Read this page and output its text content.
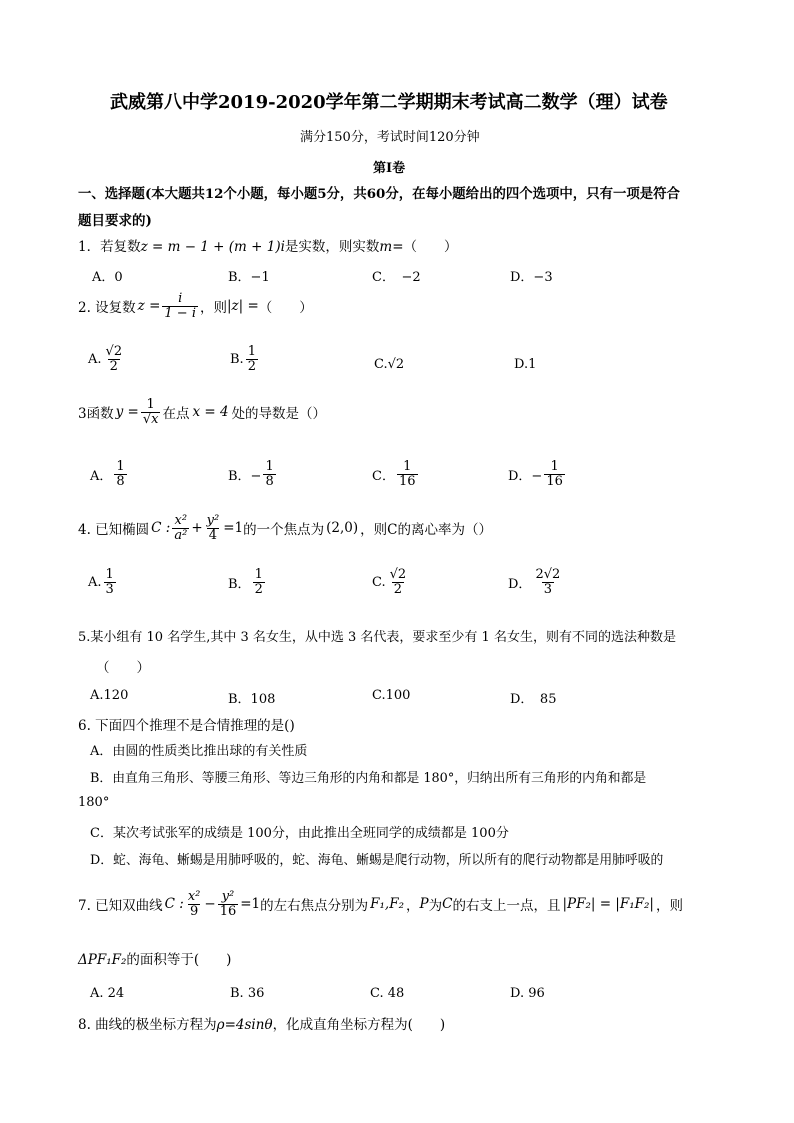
武威第八中学2019-2020学年第二学期期末考试高二数学（理）试卷
满分150分，考试时间120分钟
第Ⅰ卷
一、选择题(本大题共12个小题，每小题5分，共60分，在每小题给出的四个选项中，只有一项是符合
题目要求的)
1．若复数z = m − 1 + (m + 1)i是实数，则实数m=（　　）
A．0	B．−1	C．　−2	D．−3
2. 设复数 $z = \frac{i}{1 - i}$ ，则 |z| = （　　）
A. $\frac{√2}{2}$	B. $\frac{1}{2}$	C.√2	D.1
3函数 $y = \frac{1}{√x}$ 在点 x = 4 处的导数是（）
A． $\frac{1}{8}$	B．− $\frac{1}{8}$	C． $\frac{1}{16}$	D．− $\frac{1}{16}$
4. 已知椭圆 C : $\frac{\text{x²}}{\text{a²}} + \frac{\text{y²}}{4} =1$ 的一个焦点为 (2,0) ，则C的离心率为（）
A. $\frac{1}{3}$	B． $\frac{1}{2}$	C. $\frac{√2}{2}$	D． $\frac{2√2}{3}$
5.某小组有 10 名学生,其中 3 名女生，从中选 3 名代表，要求至少有 1 名女生，则有不同的选法种数是
（　　）
A.120	B．108	C.100	D．　85
6. 下面四个推理不是合情推理的是()
A．由圆的性质类比推出球的有关性质
B．由直角三角形、等腰三角形、等边三角形的内角和都是 180°，归纳出所有三角形的内角和都是
180°
C．某次考试张军的成绩是 100分，由此推出全班同学的成绩都是 100分
D．蛇、海龟、蜥蜴是用肺呼吸的，蛇、海龟、蜥蜴是爬行动物，所以所有的爬行动物都是用肺呼吸的
7. 已知双曲线 C : $\frac{\text{x²}}{9} - \frac{\text{y²}}{16} =1$ 的左右焦点分别为 F₁,F₂ ， P 为 C 的右支上一点，且 |PF₂| = |F₁F₂| ，则
ΔPF₁F₂的面积等于(　　)
A. 24	B. 36	C. 48	D. 96
8. 曲线的极坐标方程为ρ=4sinθ，化成直角坐标方程为(　　)
